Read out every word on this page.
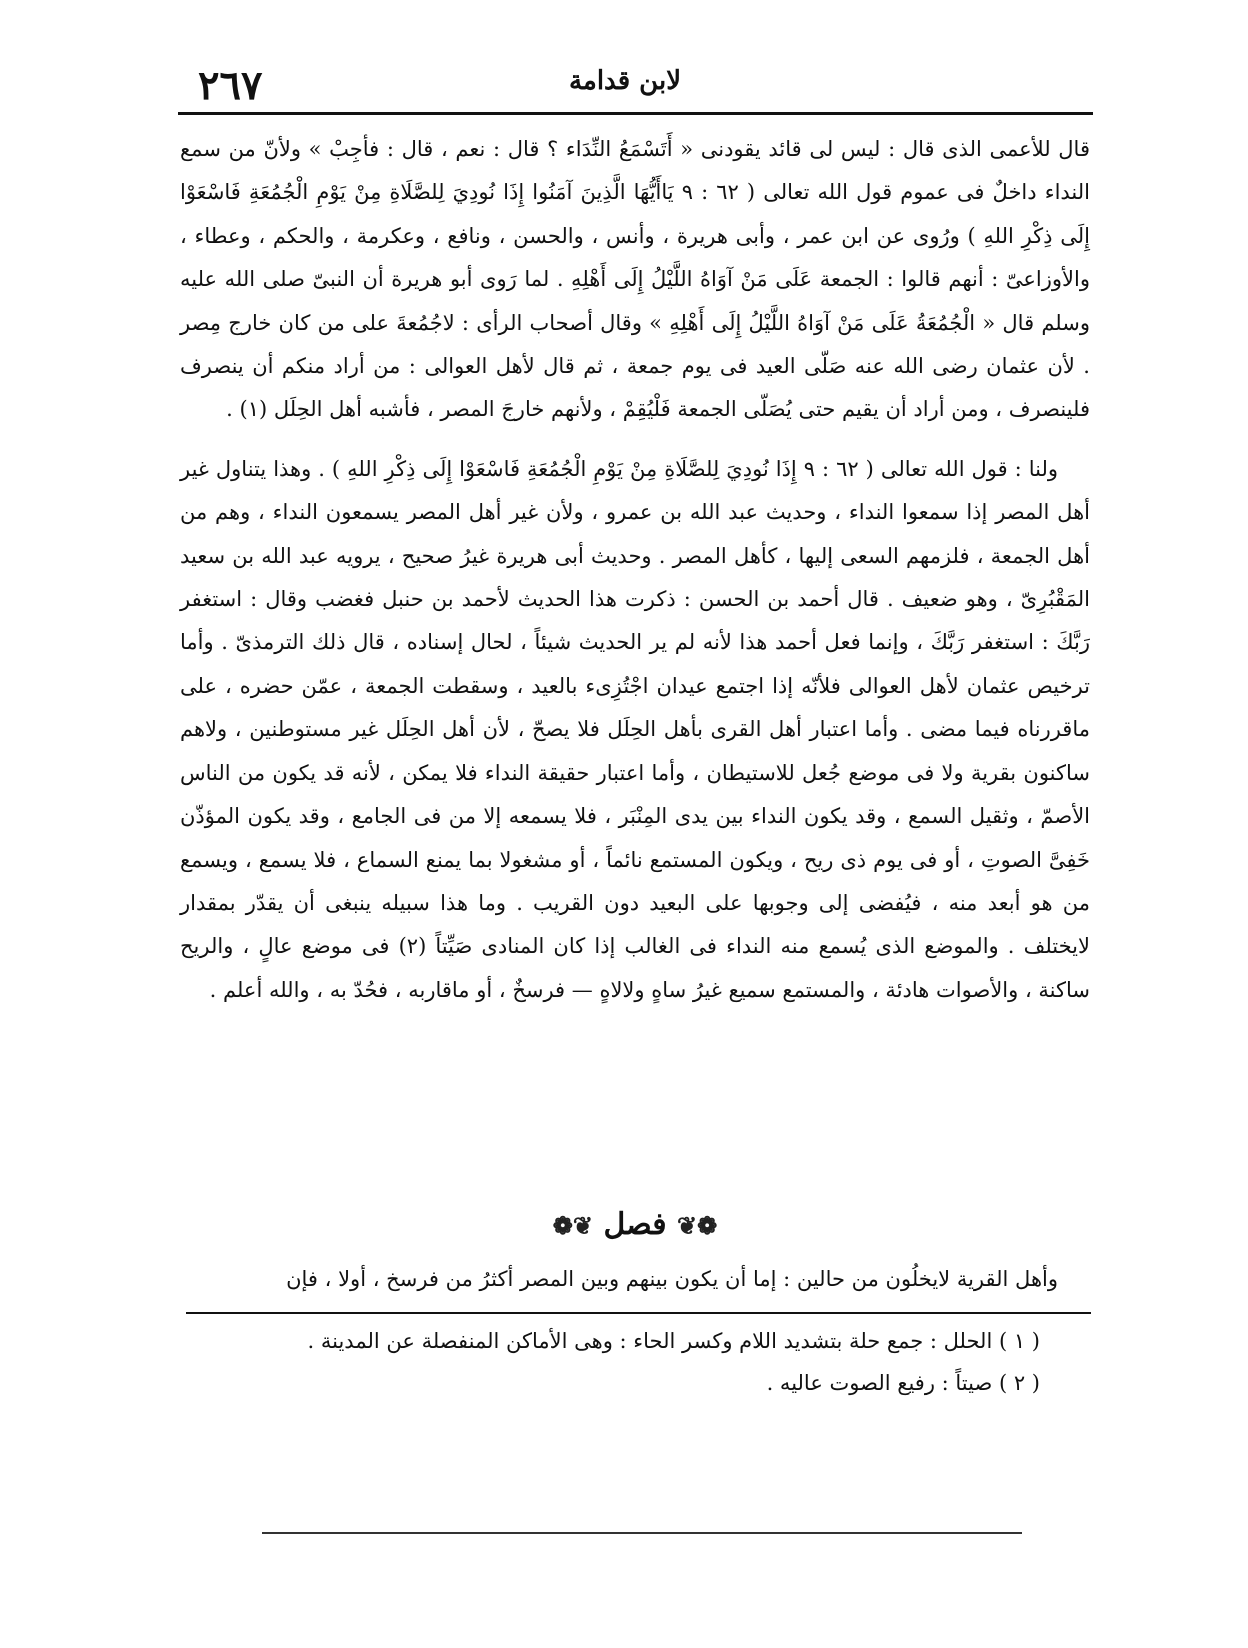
لابن قدامة
٢٦٧

قال للأعمى الذى قال : ليس لى قائد يقودنى « أَتَسْمَعُ النِّدَاء ؟ قال : نعم ، قال : فأجِبْ » ولأنّ من سمع النداء داخلٌ فى عموم قول الله تعالى ( ٦٢ : ٩ يَاأَيُّهَا الَّذِينَ آمَنُوا إِذَا نُودِيَ لِلصَّلَاةِ مِنْ يَوْمِ الْجُمُعَةِ فَاسْعَوْا إِلَى ذِكْرِ اللهِ ) ورُوى عن ابن عمر ، وأبى هريرة ، وأنس ، والحسن ، ونافع ، وعكرمة ، والحكم ، وعطاء ، والأوزاعىّ : أنهم قالوا : الجمعة عَلَى مَنْ آوَاهُ اللَّيْلُ إِلَى أَهْلِهِ . لما رَوى أبو هريرة أن النبىّ صلى الله عليه وسلم قال « الْجُمُعَةُ عَلَى مَنْ آوَاهُ اللَّيْلُ إِلَى أَهْلِهِ » وقال أصحاب الرأى : لاجُمُعةَ على من كان خارج مِصر . لأن عثمان رضى الله عنه صَلّى العيد فى يوم جمعة ، ثم قال لأهل العوالى : من أراد منكم أن ينصرف فلينصرف ، ومن أراد أن يقيم حتى يُصَلّى الجمعة فَلْيُقِمْ ، ولأنهم خارجَ المصر ، فأشبه أهل الحِلَل (١) .

ولنا : قول الله تعالى ( ٦٢ : ٩ إِذَا نُودِيَ لِلصَّلَاةِ مِنْ يَوْمِ الْجُمُعَةِ فَاسْعَوْا إِلَى ذِكْرِ اللهِ ) . وهذا يتناول غير أهل المصر إذا سمعوا النداء ، وحديث عبد الله بن عمرو ، ولأن غير أهل المصر يسمعون النداء ، وهم من أهل الجمعة ، فلزمهم السعى إليها ، كأهل المصر . وحديث أبى هريرة غيرُ صحيح ، يرويه عبد الله بن سعيد المَقْبُرِىّ ، وهو ضعيف . قال أحمد بن الحسن : ذكرت هذا الحديث لأحمد بن حنبل فغضب وقال : استغفر رَبَّكَ : استغفر رَبَّكَ ، وإنما فعل أحمد هذا لأنه لم ير الحديث شيئاً ، لحال إسناده ، قال ذلك الترمذىّ . وأما ترخيص عثمان لأهل العوالى فلأنّه إذا اجتمع عيدان اجْتُزِىء بالعيد ، وسقطت الجمعة ، عمّن حضره ، على ماقررناه فيما مضى . وأما اعتبار أهل القرى بأهل الحِلَل فلا يصحّ ، لأن أهل الحِلَل غير مستوطنين ، ولاهم ساكنون بقرية ولا فى موضع جُعل للاستيطان ، وأما اعتبار حقيقة النداء فلا يمكن ، لأنه قد يكون من الناس الأصمّ ، وثقيل السمع ، وقد يكون النداء بين يدى المِنْبَر ، فلا يسمعه إلا من فى الجامع ، وقد يكون المؤذّن خَفِىَّ الصوتِ ، أو فى يوم ذى ريح ، ويكون المستمع نائماً ، أو مشغولا بما يمنع السماع ، فلا يسمع ، ويسمع من هو أبعد منه ، فيُفضى إلى وجوبها على البعيد دون القريب . وما هذا سبيله ينبغى أن يقدّر بمقدار لايختلف . والموضع الذى يُسمع منه النداء فى الغالب إذا كان المنادى صَيِّتاً (٢) فى موضع عالٍ ، والريح ساكنة ، والأصوات هادئة ، والمستمع سميع غيرُ ساهٍ ولالاهٍ — فرسخٌ ، أو ماقاربه ، فحُدّ به ، والله أعلم .

❁❦ فصل ❦❁
وأهل القرية لايخلُون من حالين : إما أن يكون بينهم وبين المصر أكثرُ من فرسخ ، أولا ، فإن
( ١ ) الحلل : جمع حلة بتشديد اللام وكسر الحاء : وهى الأماكن المنفصلة عن المدينة .
( ٢ ) صيتاً : رفيع الصوت عاليه .
